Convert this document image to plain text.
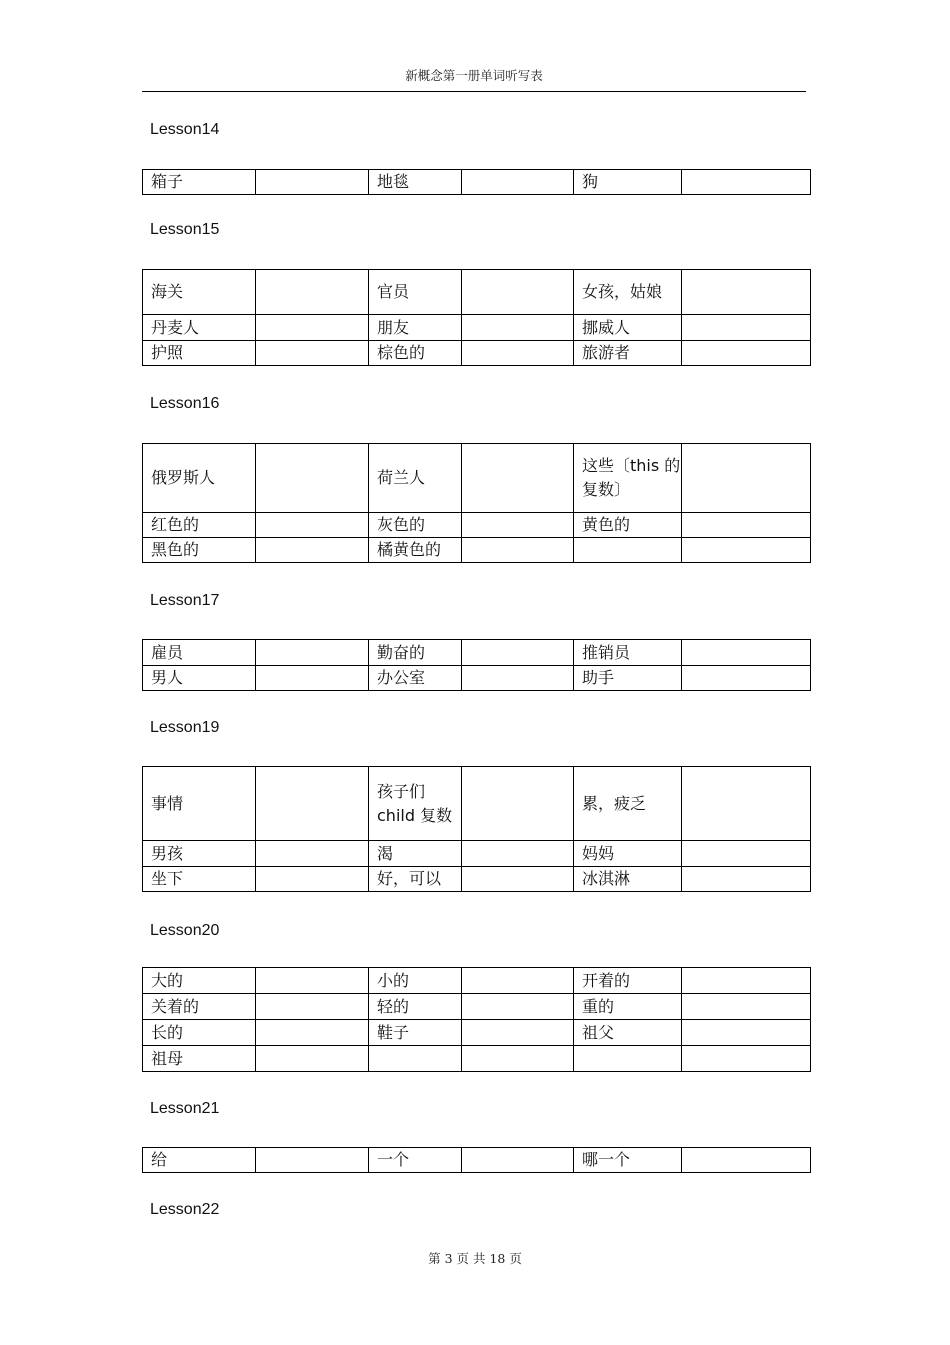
新概念第一册单词听写表
Lesson14
箱子		地毯		狗	
Lesson15
海关		官员		女孩，姑娘	
丹麦人		朋友		挪威人	
护照		棕色的		旅游者	
Lesson16
俄罗斯人		荷兰人		这些〔this 的复数〕	
红色的		灰色的		黄色的	
黑色的		橘黄色的			
Lesson17
雇员		勤奋的		推销员	
男人		办公室		助手	
Lesson19
事情		孩子们 child 复数		累，疲乏	
男孩		渴		妈妈	
坐下		好，可以		冰淇淋	
Lesson20
大的		小的		开着的	
关着的		轻的		重的	
长的		鞋子		祖父	
祖母					
Lesson21
给		一个		哪一个	
Lesson22
第 3 页 共 18 页
